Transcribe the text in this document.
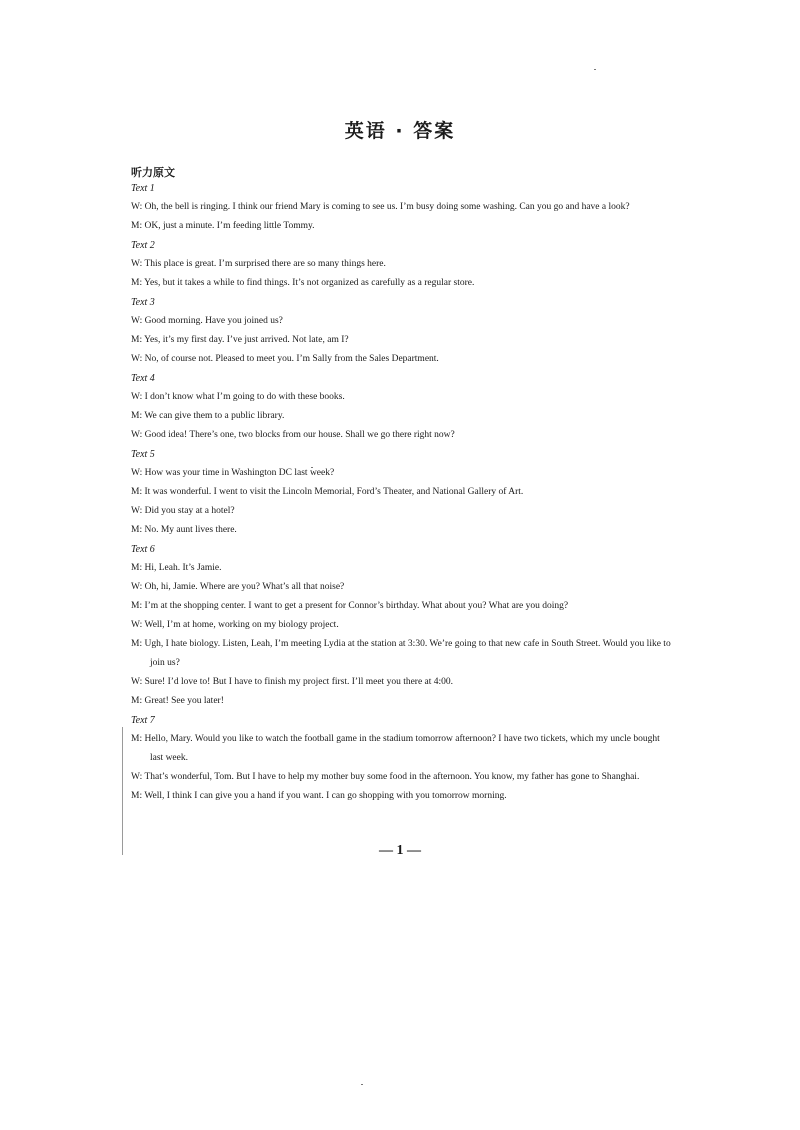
英语 · 答案
听力原文
Text 1
W: Oh, the bell is ringing. I think our friend Mary is coming to see us. I’m busy doing some washing. Can you go and have a look?
M: OK, just a minute. I’m feeding little Tommy.
Text 2
W: This place is great. I’m surprised there are so many things here.
M: Yes, but it takes a while to find things. It’s not organized as carefully as a regular store.
Text 3
W: Good morning. Have you joined us?
M: Yes, it’s my first day. I’ve just arrived. Not late, am I?
W: No, of course not. Pleased to meet you. I’m Sally from the Sales Department.
Text 4
W: I don’t know what I’m going to do with these books.
M: We can give them to a public library.
W: Good idea! There’s one, two blocks from our house. Shall we go there right now?
Text 5
W: How was your time in Washington DC last week?
M: It was wonderful. I went to visit the Lincoln Memorial, Ford’s Theater, and National Gallery of Art.
W: Did you stay at a hotel?
M: No. My aunt lives there.
Text 6
M: Hi, Leah. It’s Jamie.
W: Oh, hi, Jamie. Where are you? What’s all that noise?
M: I’m at the shopping center. I want to get a present for Connor’s birthday. What about you? What are you doing?
W: Well, I’m at home, working on my biology project.
M: Ugh, I hate biology. Listen, Leah, I’m meeting Lydia at the station at 3:30. We’re going to that new cafe in South Street. Would you like to join us?
W: Sure! I’d love to! But I have to finish my project first. I’ll meet you there at 4:00.
M: Great! See you later!
Text 7
M: Hello, Mary. Would you like to watch the football game in the stadium tomorrow afternoon? I have two tickets, which my uncle bought last week.
W: That’s wonderful, Tom. But I have to help my mother buy some food in the afternoon. You know, my father has gone to Shanghai.
M: Well, I think I can give you a hand if you want. I can go shopping with you tomorrow morning.
— 1 —
